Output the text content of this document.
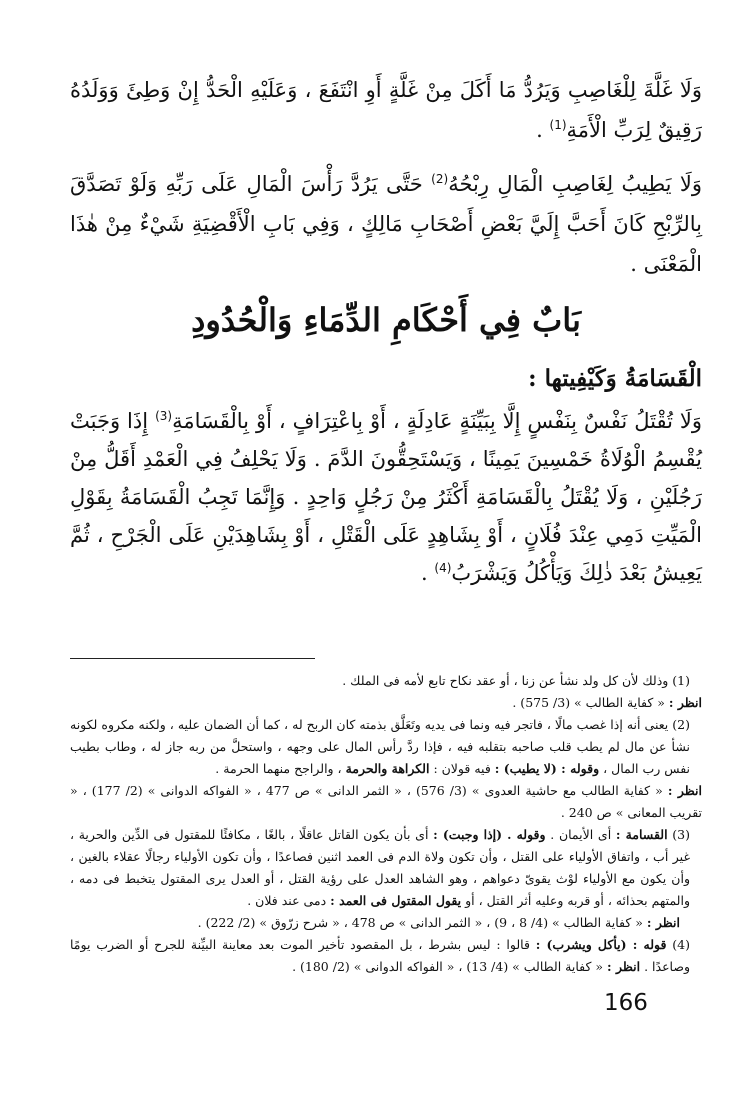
وَلَا غَلَّةَ لِلْغَاصِبِ وَيَرُدُّ مَا أَكَلَ مِنْ غَلَّةٍ أَوِ انْتَفَعَ ، وَعَلَيْهِ الْحَدُّ إِنْ وَطِئَ وَوَلَدُهُ رَقِيقٌ لِرَبِّ الْأَمَةِ$^{(1)}$ .

وَلَا يَطِيبُ لِغَاصِبِ الْمَالِ رِبْحُهُ$^{(2)}$ حَتَّى يَرُدَّ رَأْسَ الْمَالِ عَلَى رَبِّهِ وَلَوْ تَصَدَّقَ بِالرِّبْحِ كَانَ أَحَبَّ إِلَيَّ بَعْضِ أَصْحَابِ مَالِكٍ ، وَفِي بَابِ الْأَقْضِيَةِ شَيْءٌ مِنْ هٰذَا الْمَعْنَى .

بَابٌ فِي أَحْكَامِ الدِّمَاءِ وَالْحُدُودِ
الْقَسَامَةُ وَكَيْفِيتها :

وَلَا تُقْتَلُ نَفْسٌ بِنَفْسٍ إِلَّا بِبَيِّنَةٍ عَادِلَةٍ ، أَوْ بِاعْتِرَافٍ ، أَوْ بِالْقَسَامَةِ$^{(3)}$ إِذَا وَجَبَتْ يُقْسِمُ الْوُلَاةُ خَمْسِينَ يَمِينًا ، وَيَسْتَحِقُّونَ الدَّمَ . وَلَا يَحْلِفُ فِي الْعَمْدِ أَقَلُّ مِنْ رَجُلَيْنِ ، وَلَا يُقْتَلُ بِالْقَسَامَةِ أَكْثَرُ مِنْ رَجُلٍ وَاحِدٍ . وَإِنَّمَا تَجِبُ الْقَسَامَةُ بِقَوْلِ الْمَيِّتِ دَمِي عِنْدَ فُلَانٍ ، أَوْ بِشَاهِدٍ عَلَى الْقَتْلِ ، أَوْ بِشَاهِدَيْنِ عَلَى الْجَرْحِ ، ثُمَّ يَعِيشُ بَعْدَ ذٰلِكَ وَيَأْكُلُ وَيَشْرَبُ$^{(4)}$ .

(1) وذلك لأن كل ولد نشأ عن زنا ، أو عقد نكاح تابع لأمه فى الملك .

انظر : « كفاية الطالب » (3/ 575) .

(2) يعنى أنه إذا غصب مالًا ، فاتجر فيه ونما فى يديه وتَعَلَّق بذمته كان الربح له ، كما أن الضمان عليه ، ولكنه مكروه لكونه نشأ عن مال لم يطب قلب صاحبه بتقلبه فيه ، فإذا ردَّ رأس المال على وجهه ، واستحلَّ من ربه جاز له ، وطاب بطيب نفس رب المال ، وقوله : (لا يطيب) : فيه قولان : الكراهة والحرمة ، والراجح منهما الحرمة .

انظر : « كفاية الطالب مع حاشية العدوى » (3/ 576) ، « الثمر الدانى » ص 477 ، « الفواكه الدوانى » (2/ 177) ، « تقريب المعانى » ص 240 .

(3) القسامة : أى الأيمان . وقوله . (إذا وجبت) : أى بأن يكون القاتل عاقلًا ، بالغًا ، مكافئًا للمقتول فى الدِّين والحرية ، غير أب ، واتفاق الأولياء على القتل ، وأن تكون ولاة الدم فى العمد اثنين فصاعدًا ، وأن تكون الأولياء رجالًا عقلاء بالغين ، وأن يكون مع الأولياء لوْث يقوىّ دعواهم ، وهو الشاهد العدل على رؤية القتل ، أو العدل يرى المقتول يتخبط فى دمه ، والمتهم بحذائه ، أو قربه وعليه أثر القتل ، أو يقول المقتول فى العمد : دمى عند فلان .

انظر : « كفاية الطالب » (4/ 8 ، 9) ، « الثمر الدانى » ص 478 ، « شرح زرّوق » (2/ 222) .

(4) قوله : (يأكل ويشرب) : قالوا : ليس بشرط ، بل المقصود تأخير الموت بعد معاينة البيِّنة للجرح أو الضرب يومًا وصاعدًا . انظر : « كفاية الطالب » (4/ 13) ، « الفواكه الدوانى » (2/ 180) .

166
